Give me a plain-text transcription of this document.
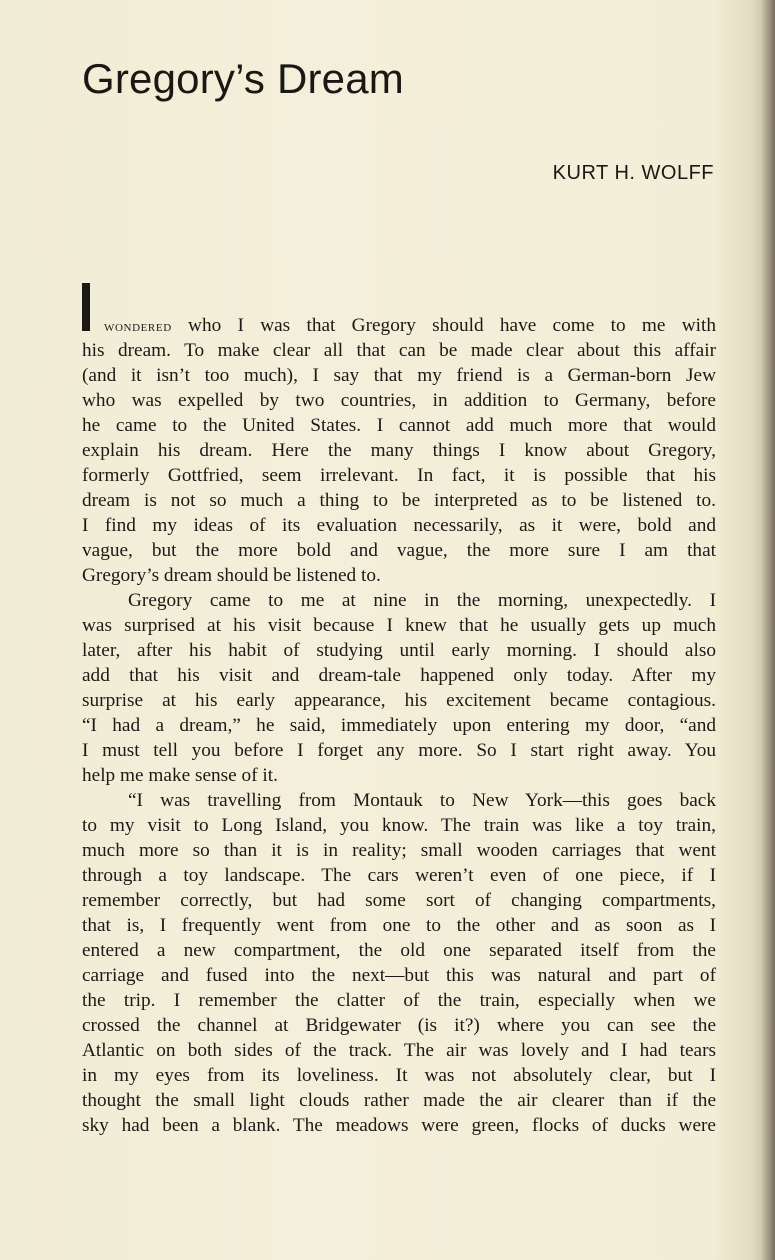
Gregory’s Dream
KURT H. WOLFF
wondered who I was that Gregory should have come to me with
his dream. To make clear all that can be made clear about this affair
(and it isn’t too much), I say that my friend is a German-born Jew
who was expelled by two countries, in addition to Germany, before
he came to the United States. I cannot add much more that would
explain his dream. Here the many things I know about Gregory,
formerly Gottfried, seem irrelevant. In fact, it is possible that his
dream is not so much a thing to be interpreted as to be listened to.
I find my ideas of its evaluation necessarily, as it were, bold and
vague, but the more bold and vague, the more sure I am that
Gregory’s dream should be listened to.
Gregory came to me at nine in the morning, unexpectedly. I
was surprised at his visit because I knew that he usually gets up much
later, after his habit of studying until early morning. I should also
add that his visit and dream-tale happened only today. After my
surprise at his early appearance, his excitement became contagious.
“I had a dream,” he said, immediately upon entering my door, “and
I must tell you before I forget any more. So I start right away. You
help me make sense of it.
“I was travelling from Montauk to New York—this goes back
to my visit to Long Island, you know. The train was like a toy train,
much more so than it is in reality; small wooden carriages that went
through a toy landscape. The cars weren’t even of one piece, if I
remember correctly, but had some sort of changing compartments,
that is, I frequently went from one to the other and as soon as I
entered a new compartment, the old one separated itself from the
carriage and fused into the next—but this was natural and part of
the trip. I remember the clatter of the train, especially when we
crossed the channel at Bridgewater (is it?) where you can see the
Atlantic on both sides of the track. The air was lovely and I had tears
in my eyes from its loveliness. It was not absolutely clear, but I
thought the small light clouds rather made the air clearer than if the
sky had been a blank. The meadows were green, flocks of ducks were
